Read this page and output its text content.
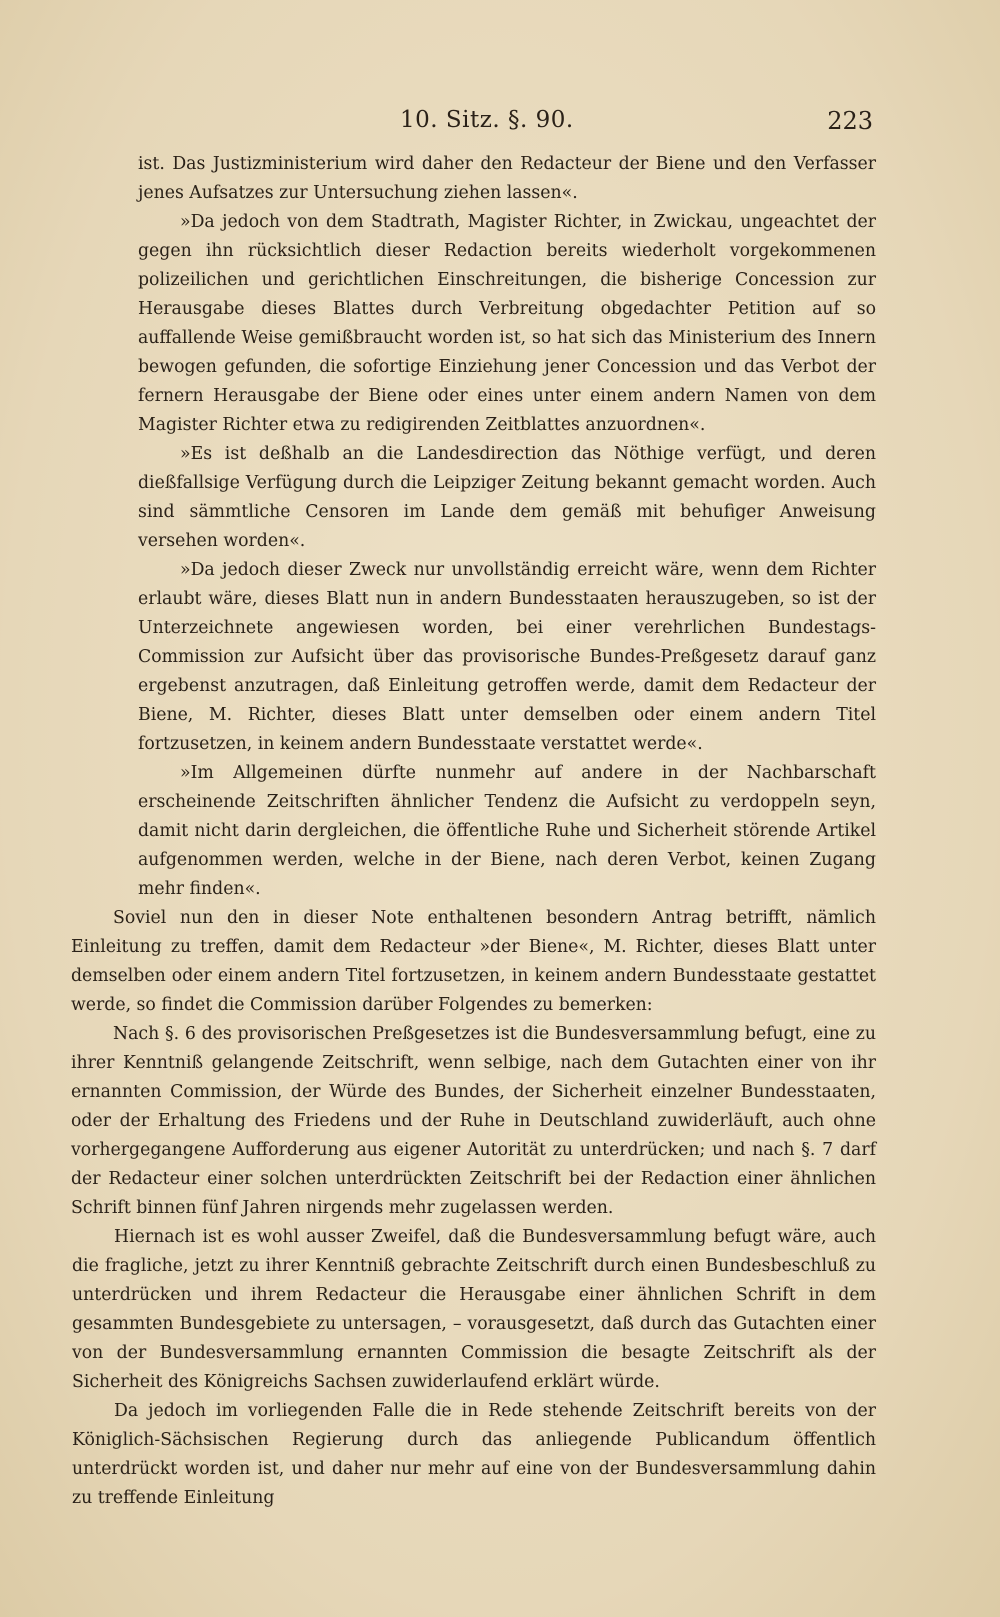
10. Sitz. §. 90.	223

ist. Das Justizministerium wird daher den Redacteur der Biene und den Verfasser jenes Aufsatzes zur Untersuchung ziehen lassen«.

»Da jedoch von dem Stadtrath, Magister Richter, in Zwickau, ungeachtet der gegen ihn rücksichtlich dieser Redaction bereits wiederholt vorgekommenen polizeilichen und gerichtlichen Einschreitungen, die bisherige Concession zur Herausgabe dieses Blattes durch Verbreitung obgedachter Petition auf so auffallende Weise gemißbraucht worden ist, so hat sich das Ministerium des Innern bewogen gefunden, die sofortige Einziehung jener Concession und das Verbot der fernern Herausgabe der Biene oder eines unter einem andern Namen von dem Magister Richter etwa zu redigirenden Zeitblattes anzuordnen«.

»Es ist deßhalb an die Landesdirection das Nöthige verfügt, und deren dießfallsige Verfügung durch die Leipziger Zeitung bekannt gemacht worden. Auch sind sämmtliche Censoren im Lande dem gemäß mit behufiger Anweisung versehen worden«.

»Da jedoch dieser Zweck nur unvollständig erreicht wäre, wenn dem Richter erlaubt wäre, dieses Blatt nun in andern Bundesstaaten herauszugeben, so ist der Unterzeichnete angewiesen worden, bei einer verehrlichen Bundestags-Commission zur Aufsicht über das provisorische Bundes-Preßgesetz darauf ganz ergebenst anzutragen, daß Einleitung getroffen werde, damit dem Redacteur der Biene, M. Richter, dieses Blatt unter demselben oder einem andern Titel fortzusetzen, in keinem andern Bundesstaate verstattet werde«.

»Im Allgemeinen dürfte nunmehr auf andere in der Nachbarschaft erscheinende Zeitschriften ähnlicher Tendenz die Aufsicht zu verdoppeln seyn, damit nicht darin dergleichen, die öffentliche Ruhe und Sicherheit störende Artikel aufgenommen werden, welche in der Biene, nach deren Verbot, keinen Zugang mehr finden«.

Soviel nun den in dieser Note enthaltenen besondern Antrag betrifft, nämlich Einleitung zu treffen, damit dem Redacteur »der Biene«, M. Richter, dieses Blatt unter demselben oder einem andern Titel fortzusetzen, in keinem andern Bundesstaate gestattet werde, so findet die Commission darüber Folgendes zu bemerken:

Nach §. 6 des provisorischen Preßgesetzes ist die Bundesversammlung befugt, eine zu ihrer Kenntniß gelangende Zeitschrift, wenn selbige, nach dem Gutachten einer von ihr ernannten Commission, der Würde des Bundes, der Sicherheit einzelner Bundesstaaten, oder der Erhaltung des Friedens und der Ruhe in Deutschland zuwiderläuft, auch ohne vorhergegangene Aufforderung aus eigener Autorität zu unterdrücken; und nach §. 7 darf der Redacteur einer solchen unterdrückten Zeitschrift bei der Redaction einer ähnlichen Schrift binnen fünf Jahren nirgends mehr zugelassen werden.

Hiernach ist es wohl ausser Zweifel, daß die Bundesversammlung befugt wäre, auch die fragliche, jetzt zu ihrer Kenntniß gebrachte Zeitschrift durch einen Bundesbeschluß zu unterdrücken und ihrem Redacteur die Herausgabe einer ähnlichen Schrift in dem gesammten Bundesgebiete zu untersagen, – vorausgesetzt, daß durch das Gutachten einer von der Bundesversammlung ernannten Commission die besagte Zeitschrift als der Sicherheit des Königreichs Sachsen zuwiderlaufend erklärt würde.

Da jedoch im vorliegenden Falle die in Rede stehende Zeitschrift bereits von der Königlich-Sächsischen Regierung durch das anliegende Publicandum öffentlich unterdrückt worden ist, und daher nur mehr auf eine von der Bundesversammlung dahin zu treffende Einleitung
